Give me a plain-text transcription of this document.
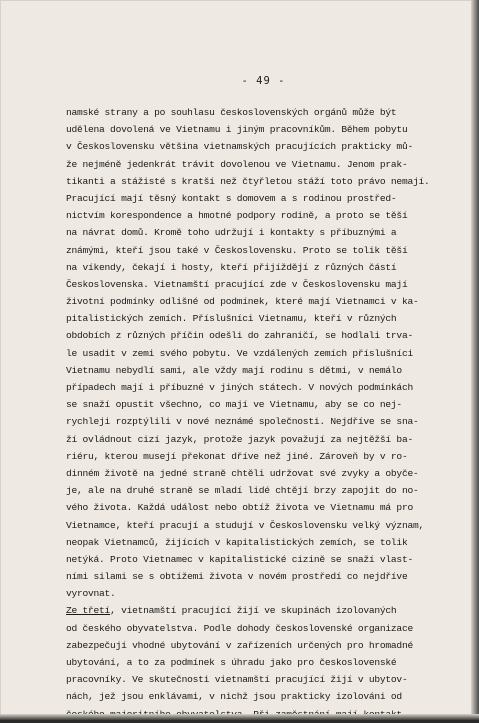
- 49 -
namské strany a po souhlasu československých orgánů může být
udělena dovolená ve Vietnamu i jiným pracovníkům. Během pobytu
v Československu většina vietnamských pracujících prakticky mů-
že nejméně jedenkrát trávit dovolenou ve Vietnamu. Jenom prak-
tikanti a stážisté s kratší než čtyřletou stáží toto právo nemají.
Pracující mají těsný kontakt s domovem a s rodinou prostřed-
nictvím korespondence a hmotné podpory rodině, a proto se těší
na návrat domů. Kromě toho udržují i kontakty s příbuznými a
známými, kteří jsou také v Československu. Proto se tolik těší
na víkendy, čekají i hosty, kteří přijíždějí z různých částí
Československa. Vietnamští pracující zde v Československu mají
životní podmínky odlišné od podmínek, které mají Vietnamci v ka-
pitalistických zemích. Příslušníci Vietnamu, kteří v různých
obdobích z různých příčin odešli do zahraničí, se hodlali trva-
le usadit v zemi svého pobytu. Ve vzdálených zemích příslušníci
Vietnamu nebydlí sami, ale vždy mají rodinu s dětmi, v nemálo
případech mají i příbuzné v jiných státech. V nových podmínkách
se snaží opustit všechno, co mají ve Vietnamu, aby se co nej-
rychleji rozptýlili v nové neznámé společnosti. Nejdříve se sna-
ží ovládnout cizí jazyk, protože jazyk považují za nejtěžší ba-
riéru, kterou musejí překonat dříve než jiné. Zároveň by v ro-
dinném životě na jedné straně chtěli udržovat své zvyky a obyče-
je, ale na druhé straně se mladí lidé chtějí brzy zapojit do no-
vého života. Každá událost nebo obtíž života ve Vietnamu má pro
Vietnamce, kteří pracují a studují v Československu velký význam,
neopak Vietnamců, žijících v kapitalistických zemích, se tolik
netýká. Proto Vietnamec v kapitalistické cizině se snaží vlast-
ními silami se s obtížemi života v novém prostředí co nejdříve
vyrovnat.
Ze třetí, vietnamští pracující žijí ve skupinách izolovaných
od českého obyvatelstva. Podle dohody československé organizace
zabezpečují vhodné ubytování v zařízeních určených pro hromadné
ubytování, a to za podmínek s úhradu jako pro československé
pracovníky. Ve skutečnosti vietnamští pracující žijí v ubytov-
nách, jež jsou enklávami, v nichž jsou prakticky izolováni od
